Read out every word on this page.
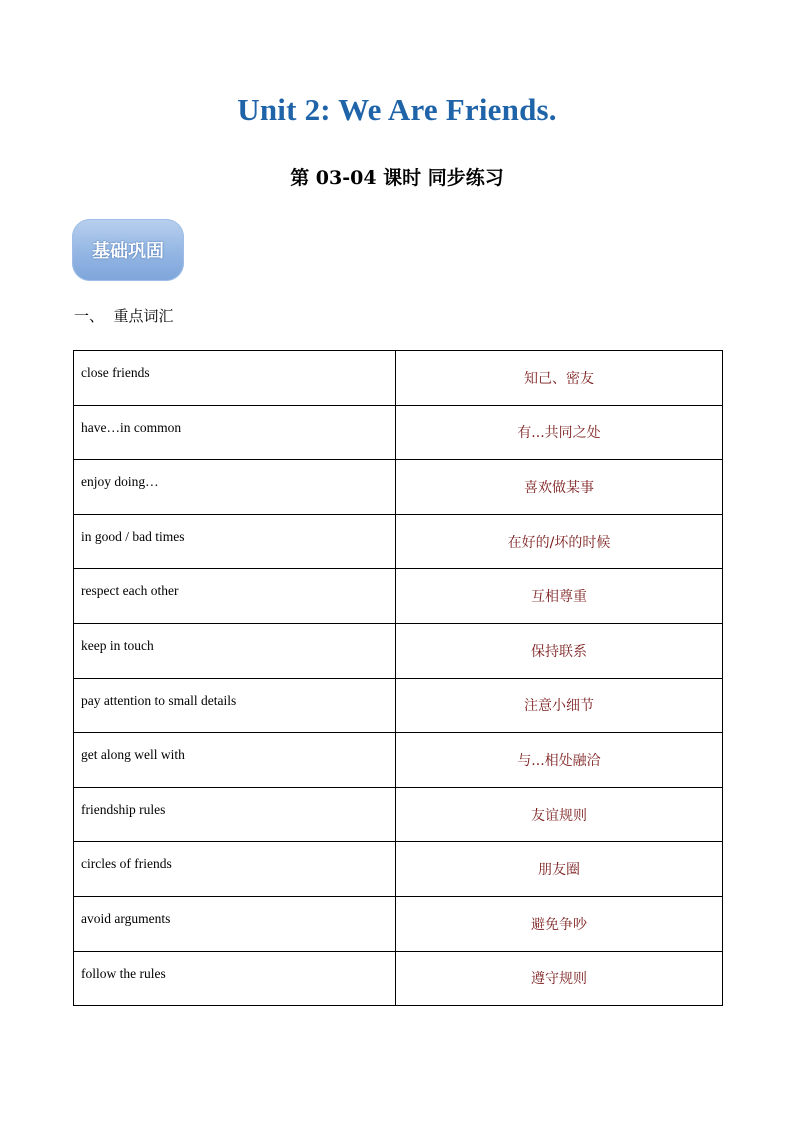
Unit 2: We Are Friends.
第 03-04 课时 同步练习
基础巩固
一、  重点词汇
close friends	知己、密友
have…in common	有...共同之处
enjoy doing…	喜欢做某事
in good / bad times	在好的/坏的时候
respect each other	互相尊重
keep in touch	保持联系
pay attention to small details	注意小细节
get along well with	与...相处融洽
friendship rules	友谊规则
circles of friends	朋友圈
avoid arguments	避免争吵
follow the rules	遵守规则
